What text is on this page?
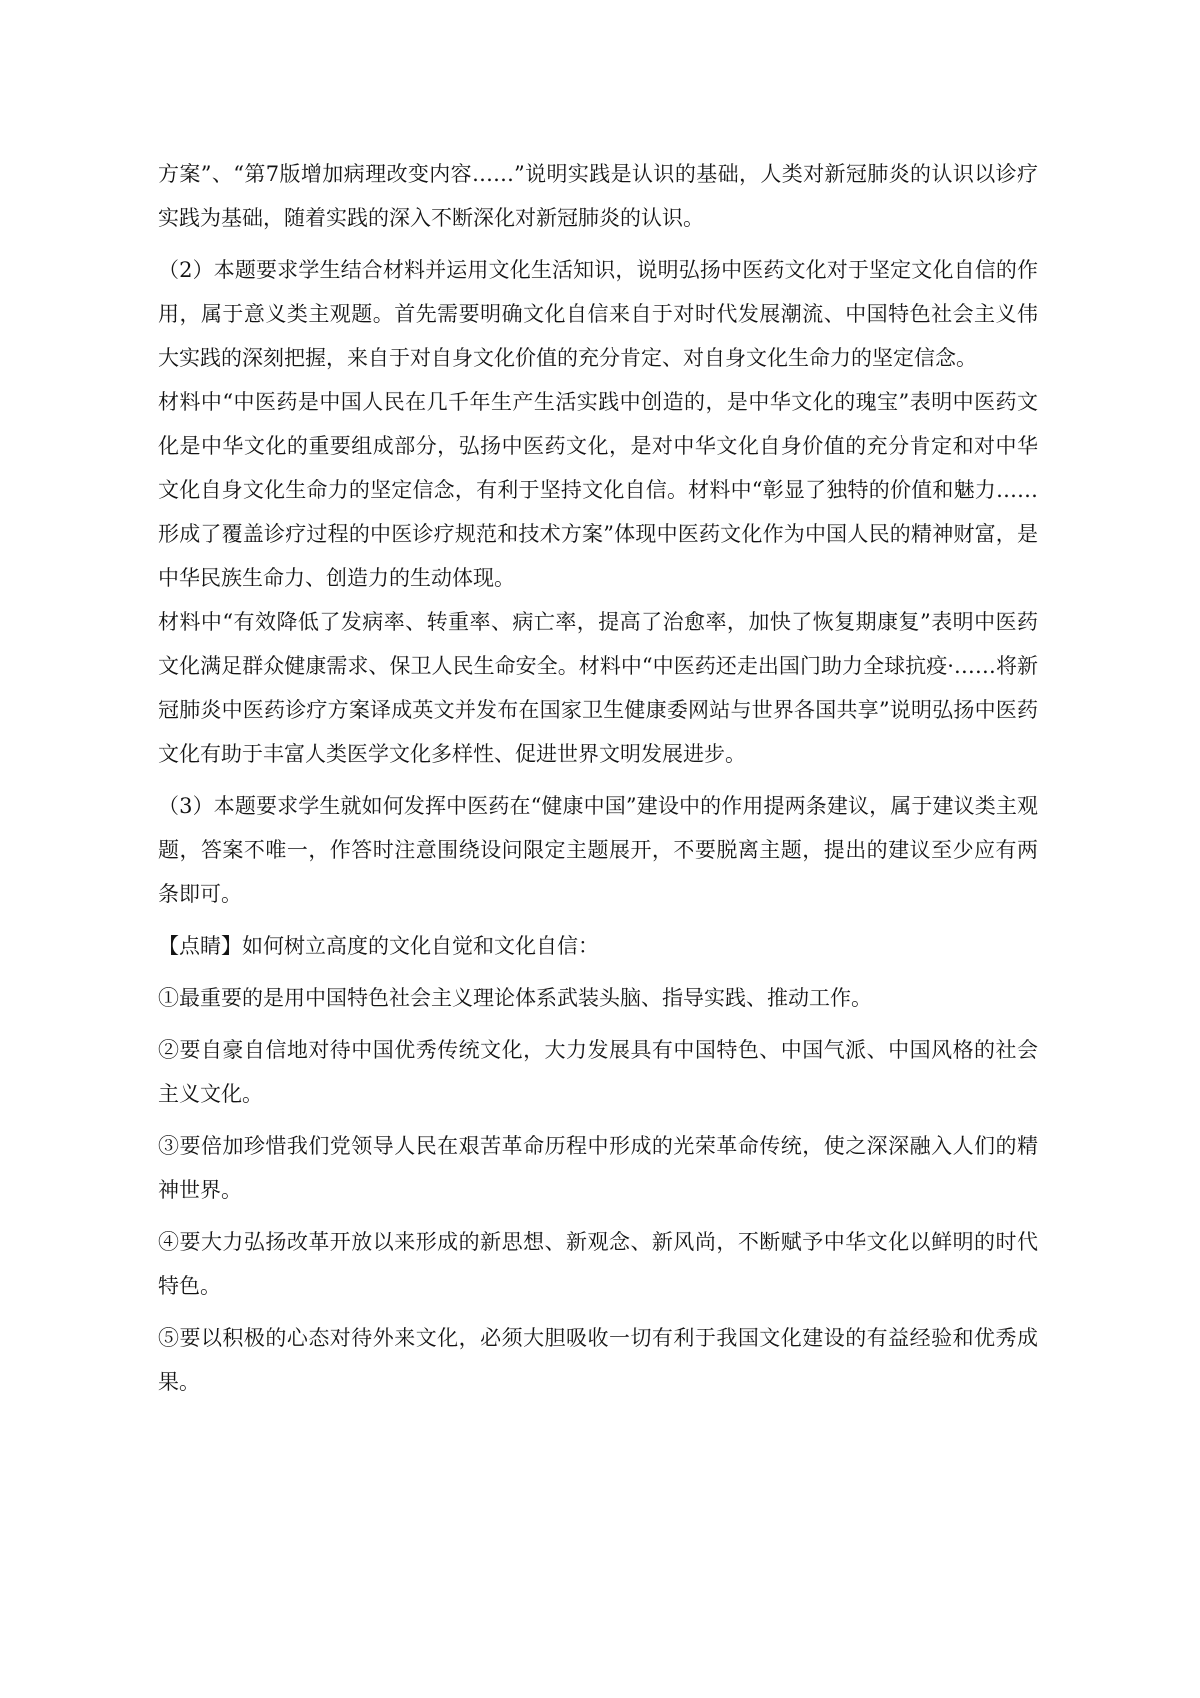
方案”、“第7版增加病理改变内容……”说明实践是认识的基础，人类对新冠肺炎的认识以诊疗实践为基础，随着实践的深入不断深化对新冠肺炎的认识。

（2）本题要求学生结合材料并运用文化生活知识，说明弘扬中医药文化对于坚定文化自信的作用，属于意义类主观题。首先需要明确文化自信来自于对时代发展潮流、中国特色社会主义伟大实践的深刻把握，来自于对自身文化价值的充分肯定、对自身文化生命力的坚定信念。

材料中“中医药是中国人民在几千年生产生活实践中创造的，是中华文化的瑰宝”表明中医药文化是中华文化的重要组成部分，弘扬中医药文化，是对中华文化自身价值的充分肯定和对中华文化自身文化生命力的坚定信念，有利于坚持文化自信。材料中“彰显了独特的价值和魅力……形成了覆盖诊疗过程的中医诊疗规范和技术方案”体现中医药文化作为中国人民的精神财富，是中华民族生命力、创造力的生动体现。

材料中“有效降低了发病率、转重率、病亡率，提高了治愈率，加快了恢复期康复”表明中医药文化满足群众健康需求、保卫人民生命安全。材料中“中医药还走出国门助力全球抗疫·……将新冠肺炎中医药诊疗方案译成英文并发布在国家卫生健康委网站与世界各国共享”说明弘扬中医药文化有助于丰富人类医学文化多样性、促进世界文明发展进步。

（3）本题要求学生就如何发挥中医药在“健康中国”建设中的作用提两条建议，属于建议类主观题，答案不唯一，作答时注意围绕设问限定主题展开，不要脱离主题，提出的建议至少应有两条即可。

【点睛】如何树立高度的文化自觉和文化自信：

①最重要的是用中国特色社会主义理论体系武装头脑、指导实践、推动工作。

②要自豪自信地对待中国优秀传统文化，大力发展具有中国特色、中国气派、中国风格的社会主义文化。

③要倍加珍惜我们党领导人民在艰苦革命历程中形成的光荣革命传统，使之深深融入人们的精神世界。

④要大力弘扬改革开放以来形成的新思想、新观念、新风尚，不断赋予中华文化以鲜明的时代特色。

⑤要以积极的心态对待外来文化，必须大胆吸收一切有利于我国文化建设的有益经验和优秀成果。
